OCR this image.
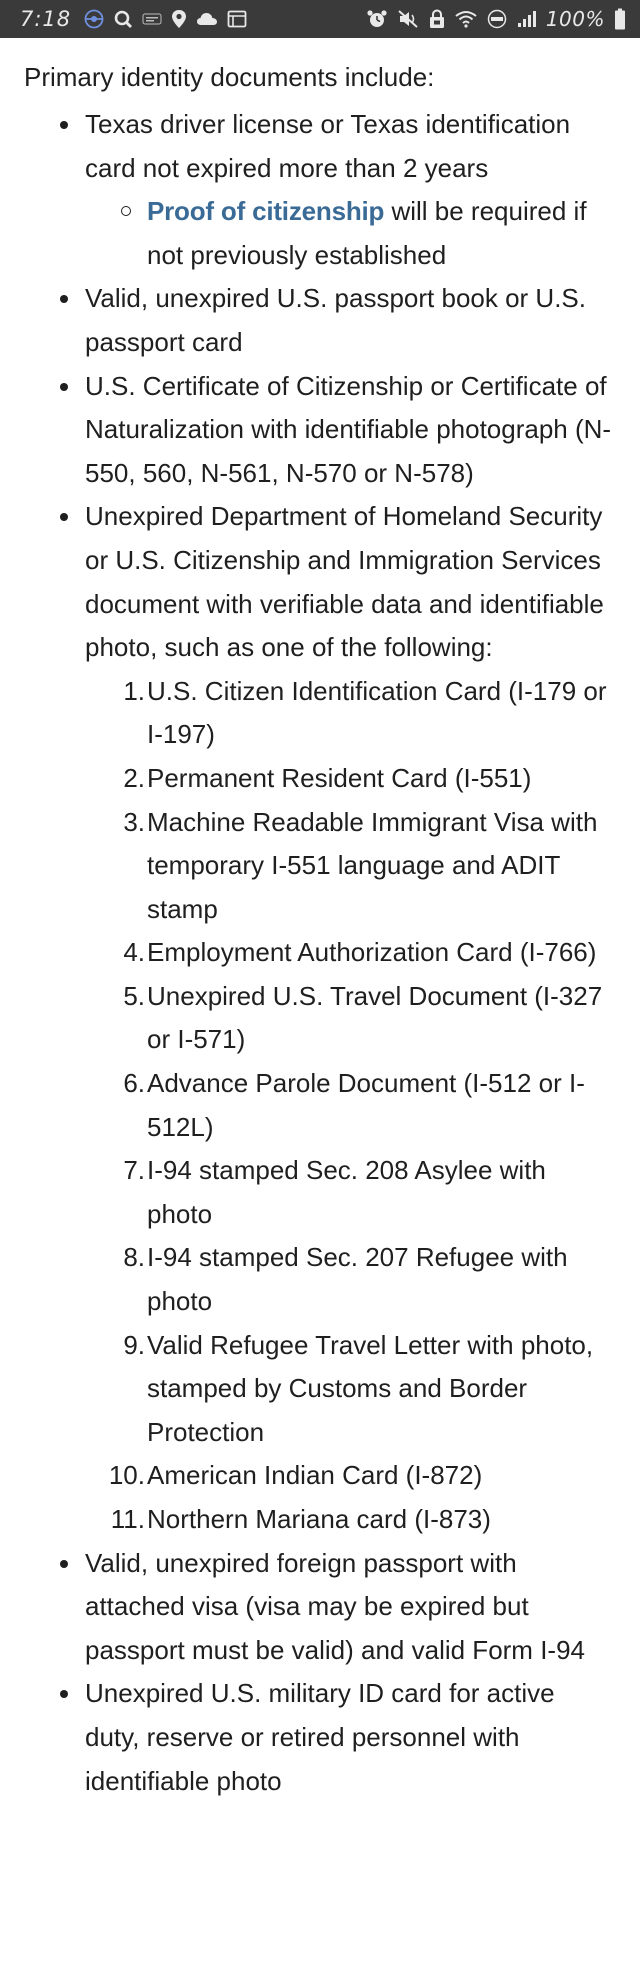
7:18	100%

Primary identity documents include:

Texas driver license or Texas identification card not expired more than 2 years
Proof of citizenship will be required if not previously established
Valid, unexpired U.S. passport book or U.S. passport card
U.S. Certificate of Citizenship or Certificate of Naturalization with identifiable photograph (N-550, 560, N-561, N-570 or N-578)
Unexpired Department of Homeland Security or U.S. Citizenship and Immigration Services document with verifiable data and identifiable photo, such as one of the following:
1. U.S. Citizen Identification Card (I-179 or I-197)
2. Permanent Resident Card (I-551)
3. Machine Readable Immigrant Visa with temporary I-551 language and ADIT stamp
4. Employment Authorization Card (I-766)
5. Unexpired U.S. Travel Document (I-327 or I-571)
6. Advance Parole Document (I-512 or I-512L)
7. I-94 stamped Sec. 208 Asylee with photo
8. I-94 stamped Sec. 207 Refugee with photo
9. Valid Refugee Travel Letter with photo, stamped by Customs and Border Protection
10. American Indian Card (I-872)
11. Northern Mariana card (I-873)
Valid, unexpired foreign passport with attached visa (visa may be expired but passport must be valid) and valid Form I-94
Unexpired U.S. military ID card for active duty, reserve or retired personnel with identifiable photo
